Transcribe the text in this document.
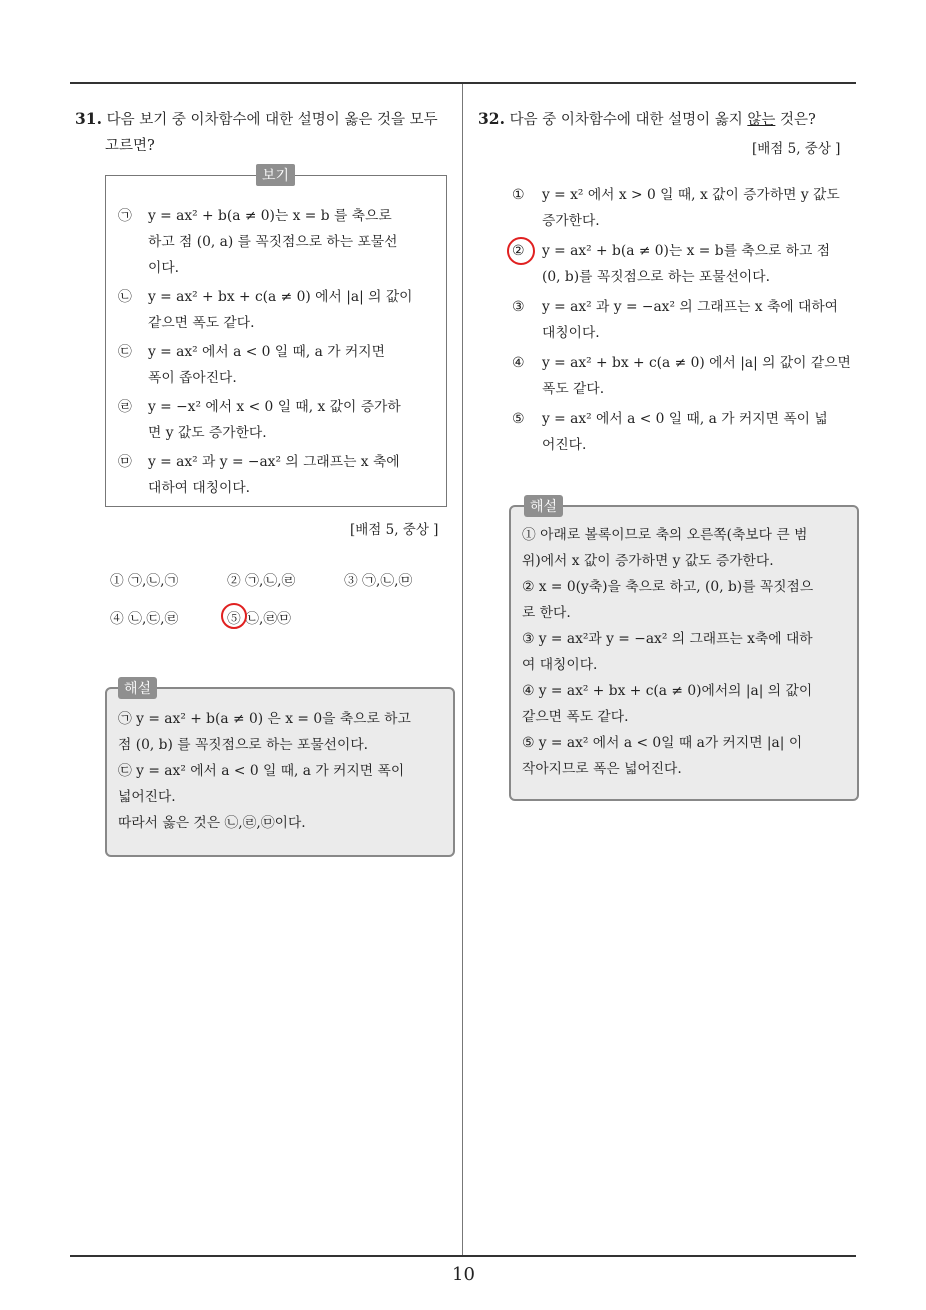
31. 다음 보기 중 이차함수에 대한 설명이 옳은 것을 모두
고르면?
보기
㉠ y = ax² + b(a ≠ 0)는 x = b 를 축으로
하고 점 (0, a) 를 꼭짓점으로 하는 포물선
이다.
㉡ y = ax² + bx + c(a ≠ 0) 에서 |a| 의 값이
같으면 폭도 같다.
㉢ y = ax² 에서 a < 0 일 때, a 가 커지면
폭이 좁아진다.
㉣ y = −x² 에서 x < 0 일 때, x 값이 증가하
면 y 값도 증가한다.
㉤ y = ax² 과 y = −ax² 의 그래프는 x 축에
대하여 대칭이다.
[배점 5, 중상 ]
① ㉠,㉡,㉠	② ㉠,㉡,㉣	③ ㉠,㉡,㉤
④ ㉡,㉢,㉣	⑤ ㉡,㉣㉤
해설
㉠ y = ax² + b(a ≠ 0) 은 x = 0을 축으로 하고
점 (0, b) 를 꼭짓점으로 하는 포물선이다.
㉢ y = ax² 에서 a < 0 일 때, a 가 커지면 폭이
넓어진다.
따라서 옳은 것은 ㉡,㉣,㉤이다.
32. 다음 중 이차함수에 대한 설명이 옳지 않는 것은?
[배점 5, 중상 ]
① y = x² 에서 x > 0 일 때, x 값이 증가하면 y 값도
증가한다.
② y = ax² + b(a ≠ 0)는 x = b를 축으로 하고 점
(0, b)를 꼭짓점으로 하는 포물선이다.
③ y = ax² 과 y = −ax² 의 그래프는 x 축에 대하여
대칭이다.
④ y = ax² + bx + c(a ≠ 0) 에서 |a| 의 값이 같으면
폭도 같다.
⑤ y = ax² 에서 a < 0 일 때, a 가 커지면 폭이 넓
어진다.
해설
① 아래로 볼록이므로 축의 오른쪽(축보다 큰 범
위)에서 x 값이 증가하면 y 값도 증가한다.
② x = 0(y축)을 축으로 하고, (0, b)를 꼭짓점으
로 한다.
③ y = ax²과 y = −ax² 의 그래프는 x축에 대하
여 대칭이다.
④ y = ax² + bx + c(a ≠ 0)에서의 |a| 의 값이
같으면 폭도 같다.
⑤ y = ax² 에서 a < 0일 때 a가 커지면 |a| 이
작아지므로 폭은 넓어진다.
10
